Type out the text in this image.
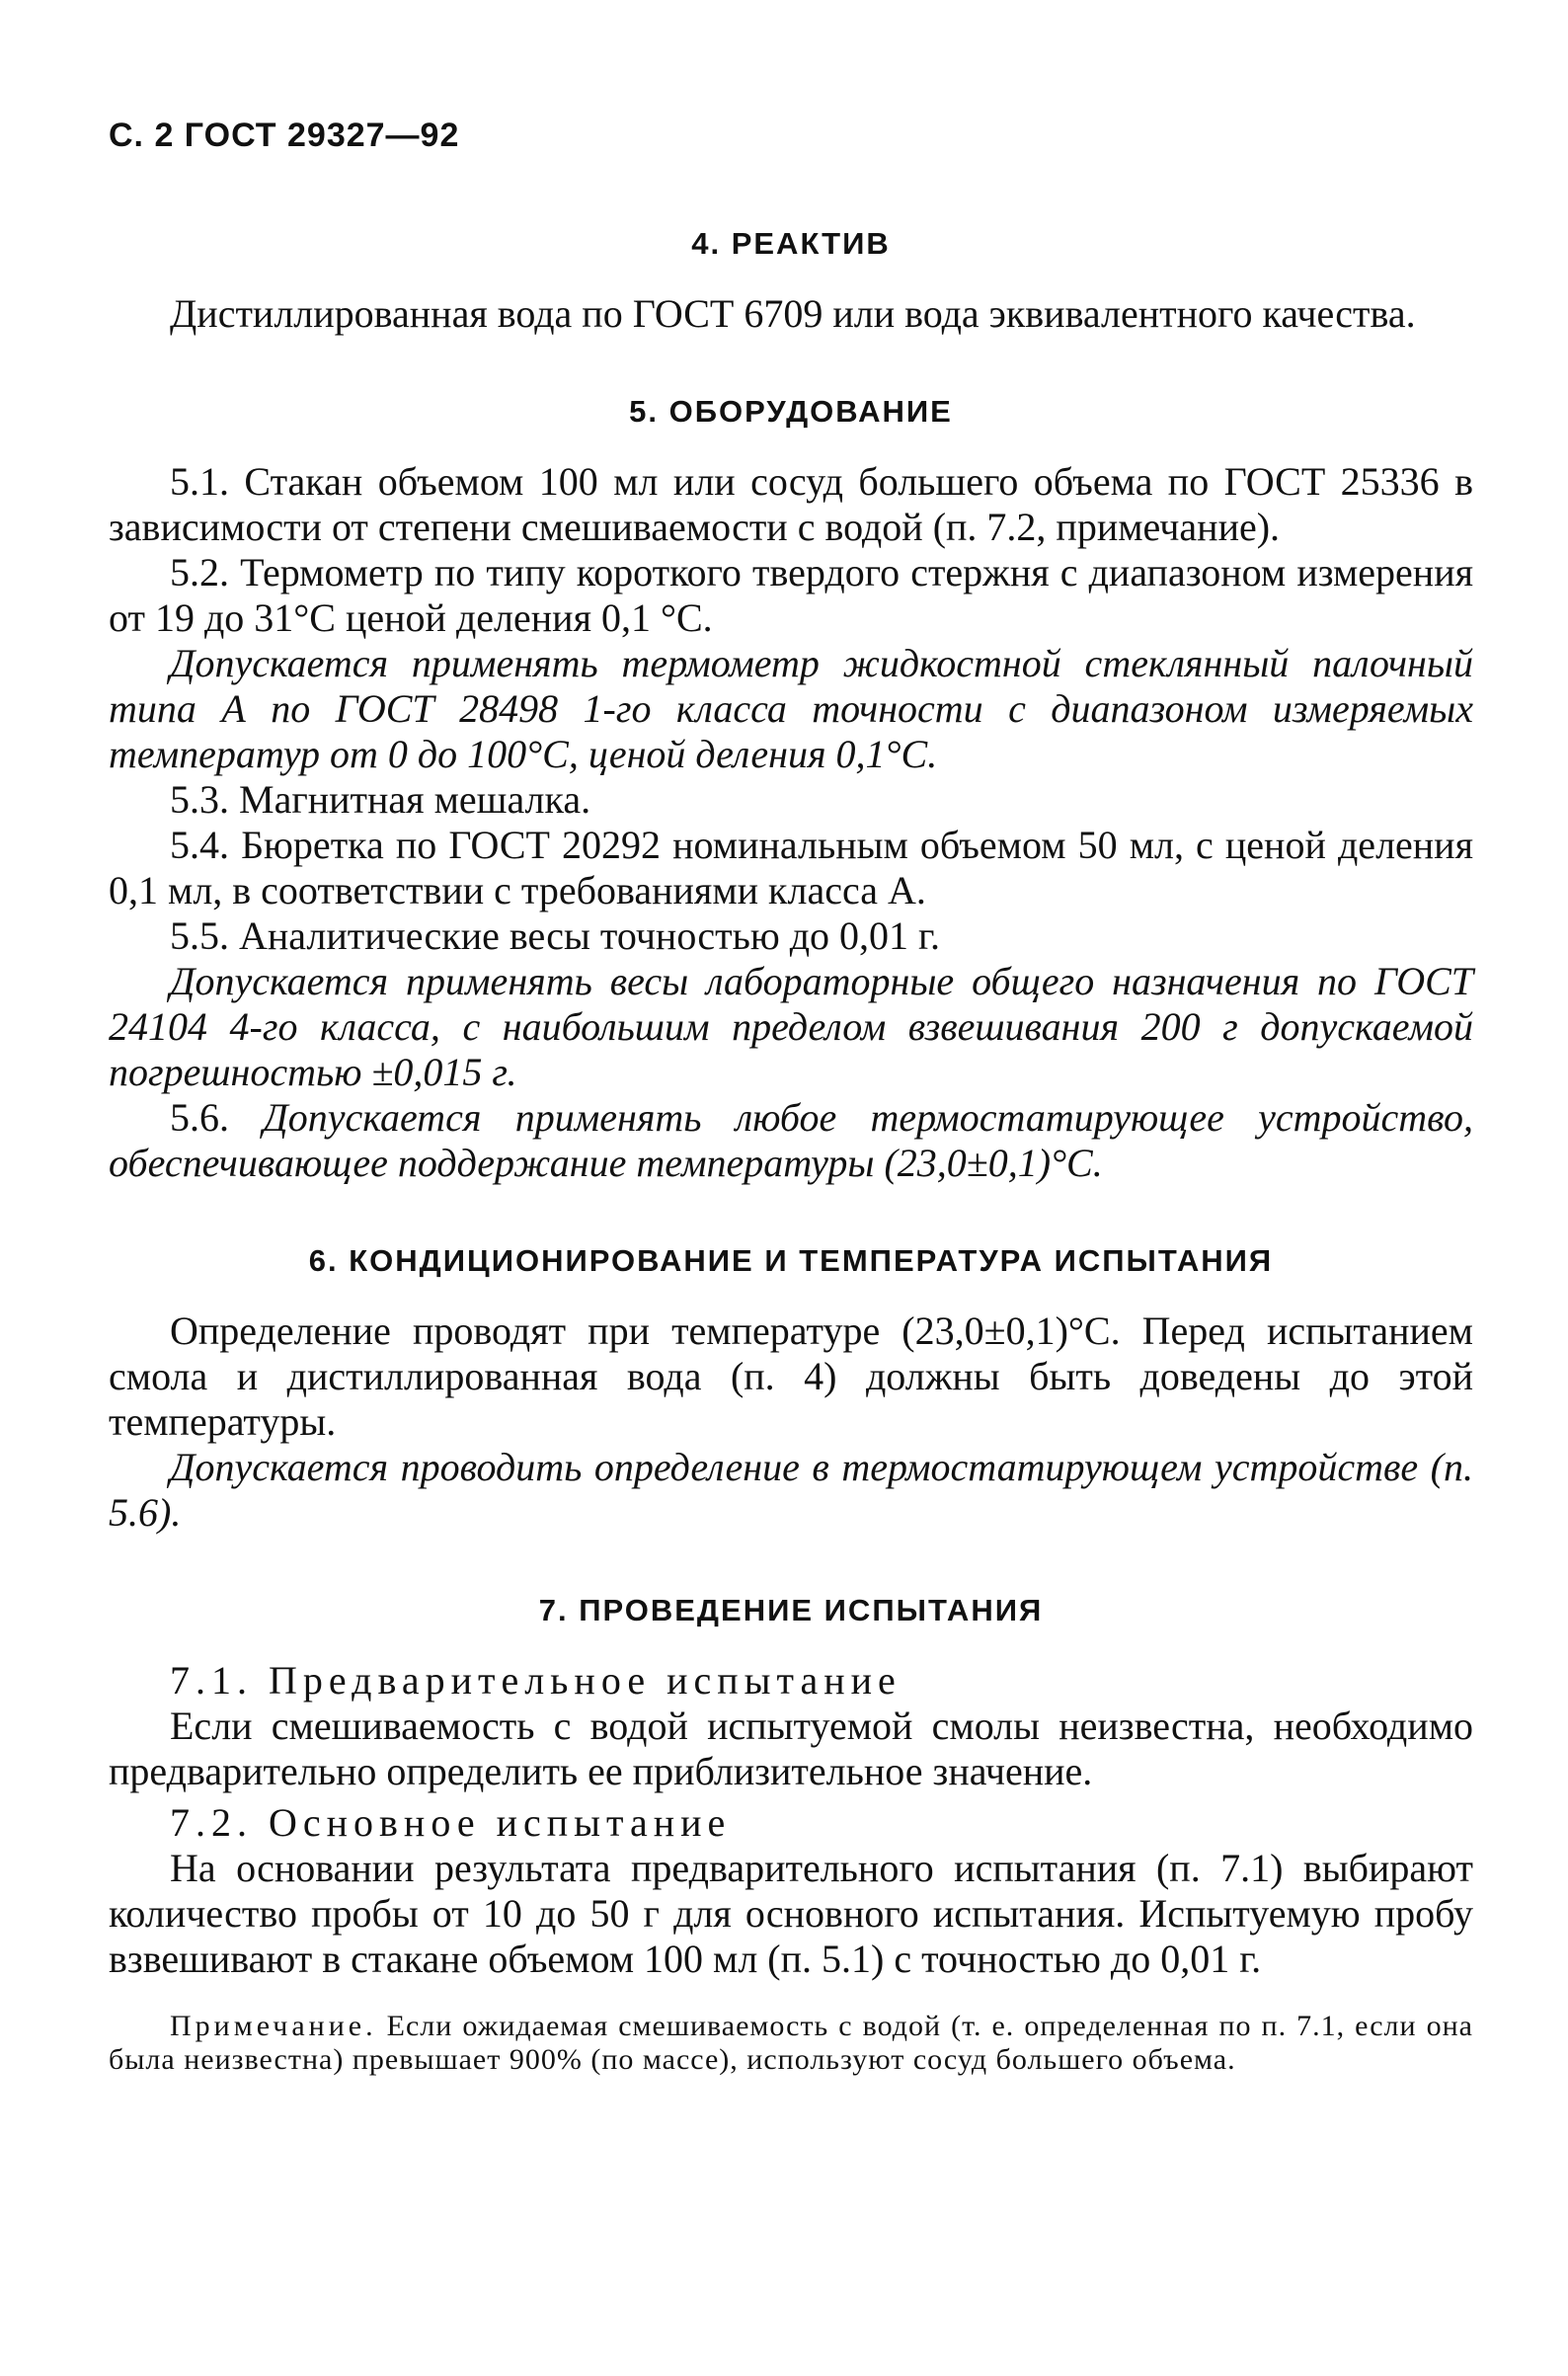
С. 2 ГОСТ 29327—92
4. РЕАКТИВ

Дистиллированная вода по ГОСТ 6709 или вода эквивалентного качества.

5. ОБОРУДОВАНИЕ

5.1. Стакан объемом 100 мл или сосуд большего объема по ГОСТ 25336 в зависимости от степени смешиваемости с водой (п. 7.2, примечание).

5.2. Термометр по типу короткого твердого стержня с диапазоном измерения от 19 до 31°С ценой деления 0,1 °С.

Допускается применять термометр жидкостной стеклянный палочный типа А по ГОСТ 28498 1-го класса точности с диапазоном измеряемых температур от 0 до 100°С, ценой деления 0,1°С.

5.3. Магнитная мешалка.

5.4. Бюретка по ГОСТ 20292 номинальным объемом 50 мл, с ценой деления 0,1 мл, в соответствии с требованиями класса А.

5.5. Аналитические весы точностью до 0,01 г.

Допускается применять весы лабораторные общего назначения по ГОСТ 24104 4-го класса, с наибольшим пределом взвешивания 200 г допускаемой погрешностью ±0,015 г.

5.6. Допускается применять любое термостатирующее устройство, обеспечивающее поддержание температуры (23,0±0,1)°С.

6. КОНДИЦИОНИРОВАНИЕ И ТЕМПЕРАТУРА ИСПЫТАНИЯ

Определение проводят при температуре (23,0±0,1)°С. Перед испытанием смола и дистиллированная вода (п. 4) должны быть доведены до этой температуры.

Допускается проводить определение в термостатирующем устройстве (п. 5.6).

7. ПРОВЕДЕНИЕ ИСПЫТАНИЯ

7.1. Предварительное испытание

Если смешиваемость с водой испытуемой смолы неизвестна, необходимо предварительно определить ее приблизительное значение.

7.2. Основное испытание

На основании результата предварительного испытания (п. 7.1) выбирают количество пробы от 10 до 50 г для основного испытания. Испытуемую пробу взвешивают в стакане объемом 100 мл (п. 5.1) с точностью до 0,01 г.

Примечание. Если ожидаемая смешиваемость с водой (т. е. определенная по п. 7.1, если она была неизвестна) превышает 900% (по массе), используют сосуд большего объема.
